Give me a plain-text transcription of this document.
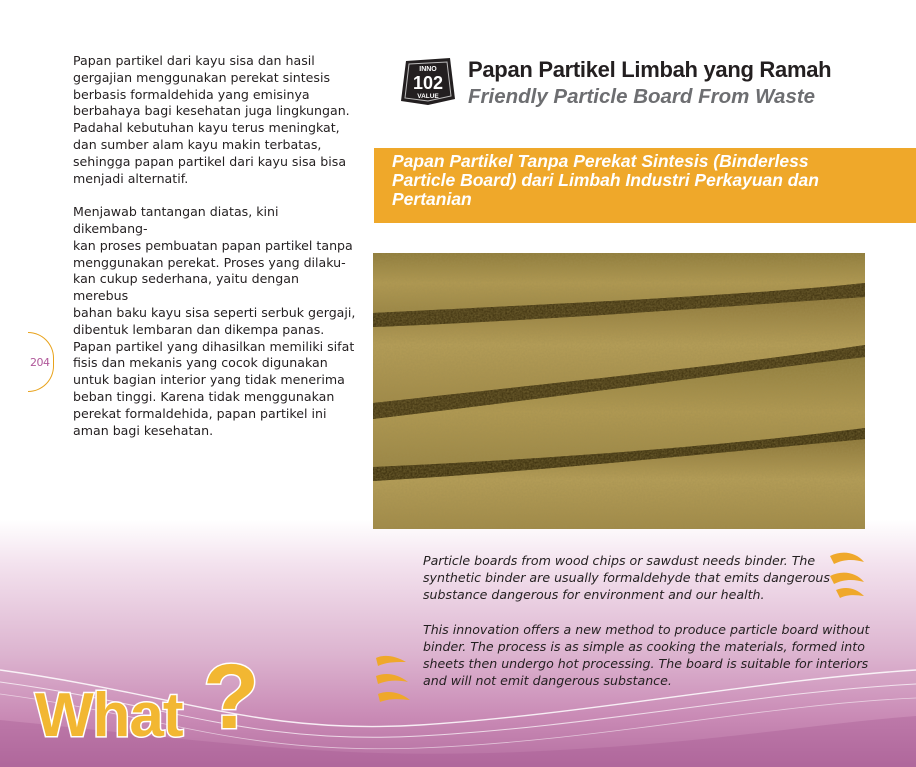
Papan partikel dari kayu sisa dan hasil
gergajian menggunakan perekat sintesis
berbasis formaldehida yang emisinya
berbahaya bagi kesehatan juga lingkungan.
Padahal kebutuhan kayu terus meningkat,
dan sumber alam kayu makin terbatas,
sehingga papan partikel dari kayu sisa bisa
menjadi alternatif.

Menjawab tantangan diatas, kini dikembang-
kan proses pembuatan papan partikel tanpa
menggunakan perekat. Proses yang dilaku-
kan cukup sederhana, yaitu dengan merebus
bahan baku kayu sisa seperti serbuk gergaji,
dibentuk lembaran dan dikempa panas.
Papan partikel yang dihasilkan memiliki sifat
fisis dan mekanis yang cocok digunakan
untuk bagian interior yang tidak menerima
beban tinggi. Karena tidak menggunakan
perekat formaldehida, papan partikel ini
aman bagi kesehatan.

204
INNO
102
VALUE
Papan Partikel Limbah yang Ramah
Friendly Particle Board From Waste
Papan Partikel Tanpa Perekat Sintesis (Binderless
Particle Board) dari Limbah Industri Perkayuan dan
Pertanian

Particle boards from wood chips or sawdust needs binder. The
synthetic binder are usually formaldehyde that emits dangerous
substance dangerous for environment and our health.

This innovation offers a new method to produce particle board without
binder. The process is as simple as cooking the materials, formed into
sheets then undergo hot processing. The board is suitable for interiors
and will not emit dangerous substance.

What ?
